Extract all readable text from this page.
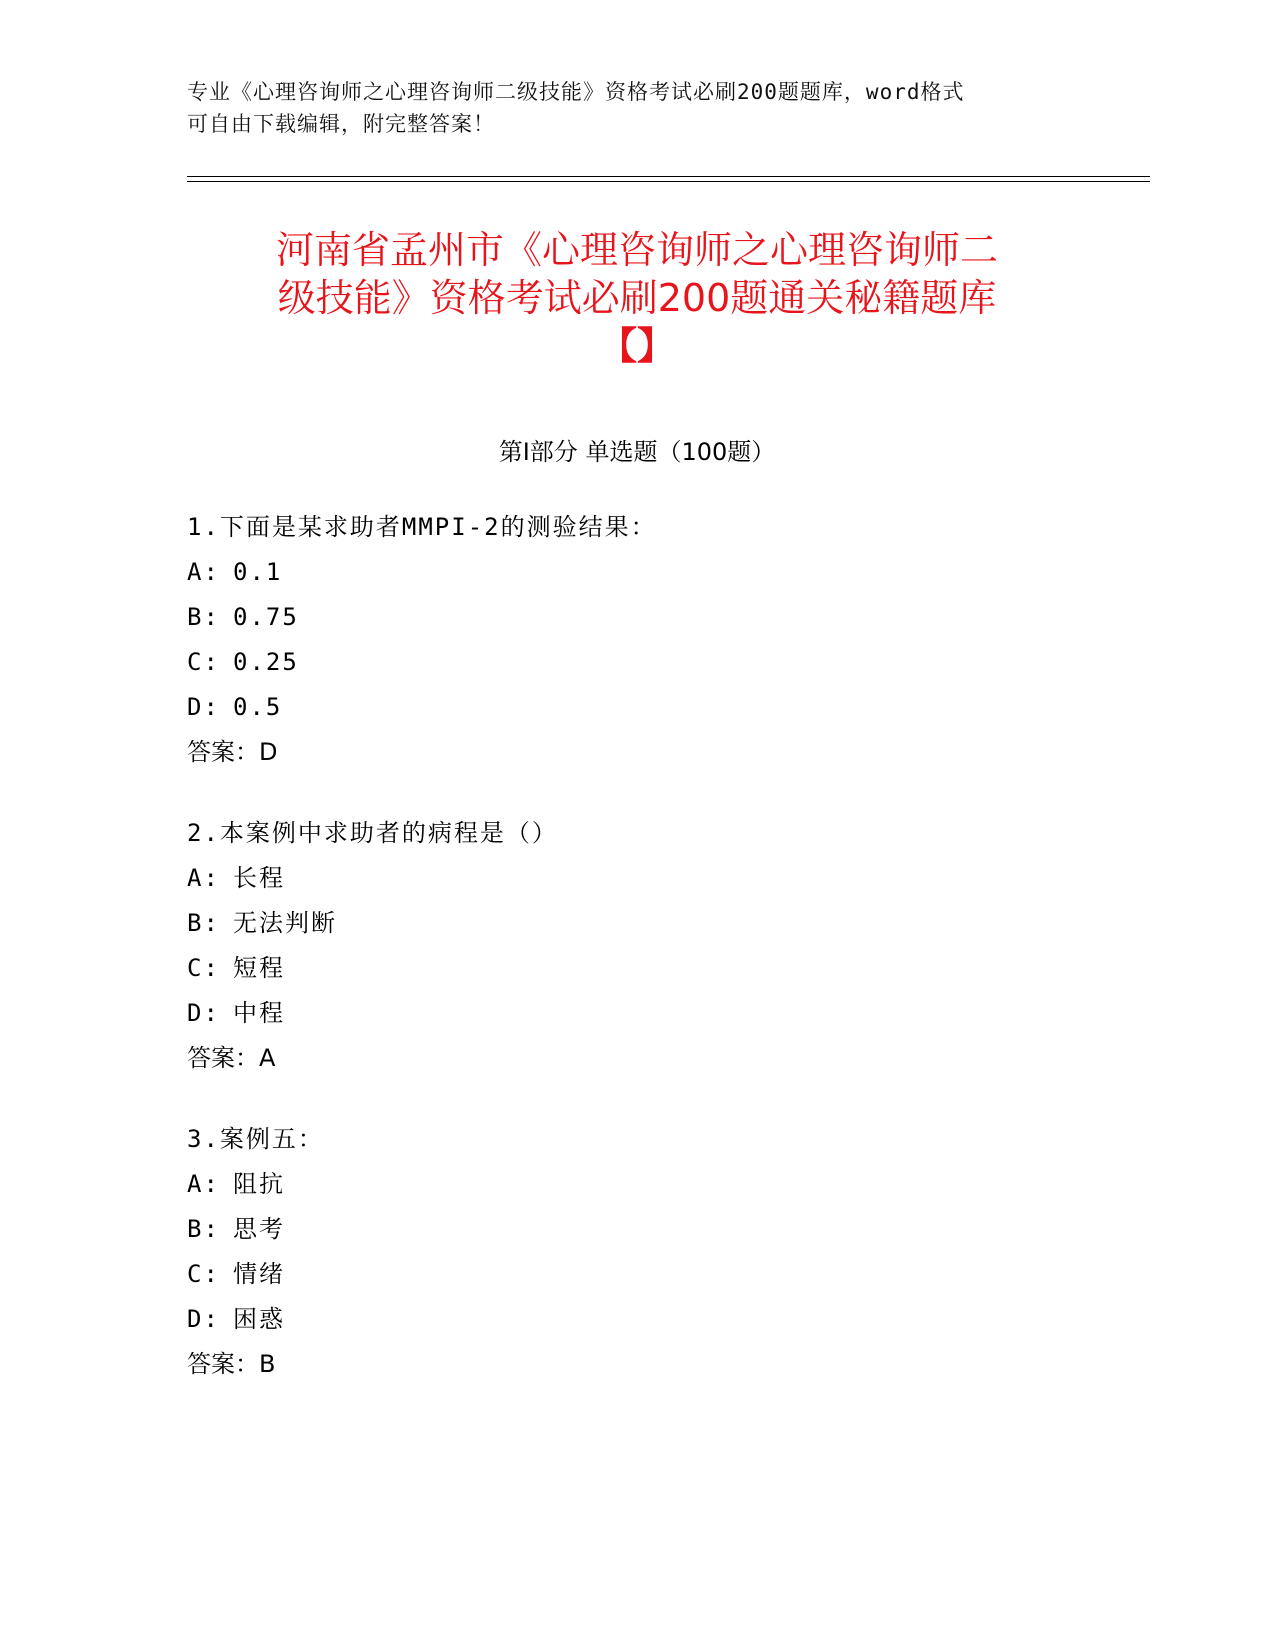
专业《心理咨询师之心理咨询师二级技能》资格考试必刷200题题库，word格式
可自由下载编辑，附完整答案！
河南省孟州市《心理咨询师之心理咨询师二
级技能》资格考试必刷200题通关秘籍题库
【】
第Ⅰ部分 单选题（100题）
1.下面是某求助者MMPI-2的测验结果：
A: 0.1
B: 0.75
C: 0.25
D: 0.5
答案：D
2.本案例中求助者的病程是（）
A: 长程
B: 无法判断
C: 短程
D: 中程
答案：A
3.案例五：
A: 阻抗
B: 思考
C: 情绪
D: 困惑
答案：B
